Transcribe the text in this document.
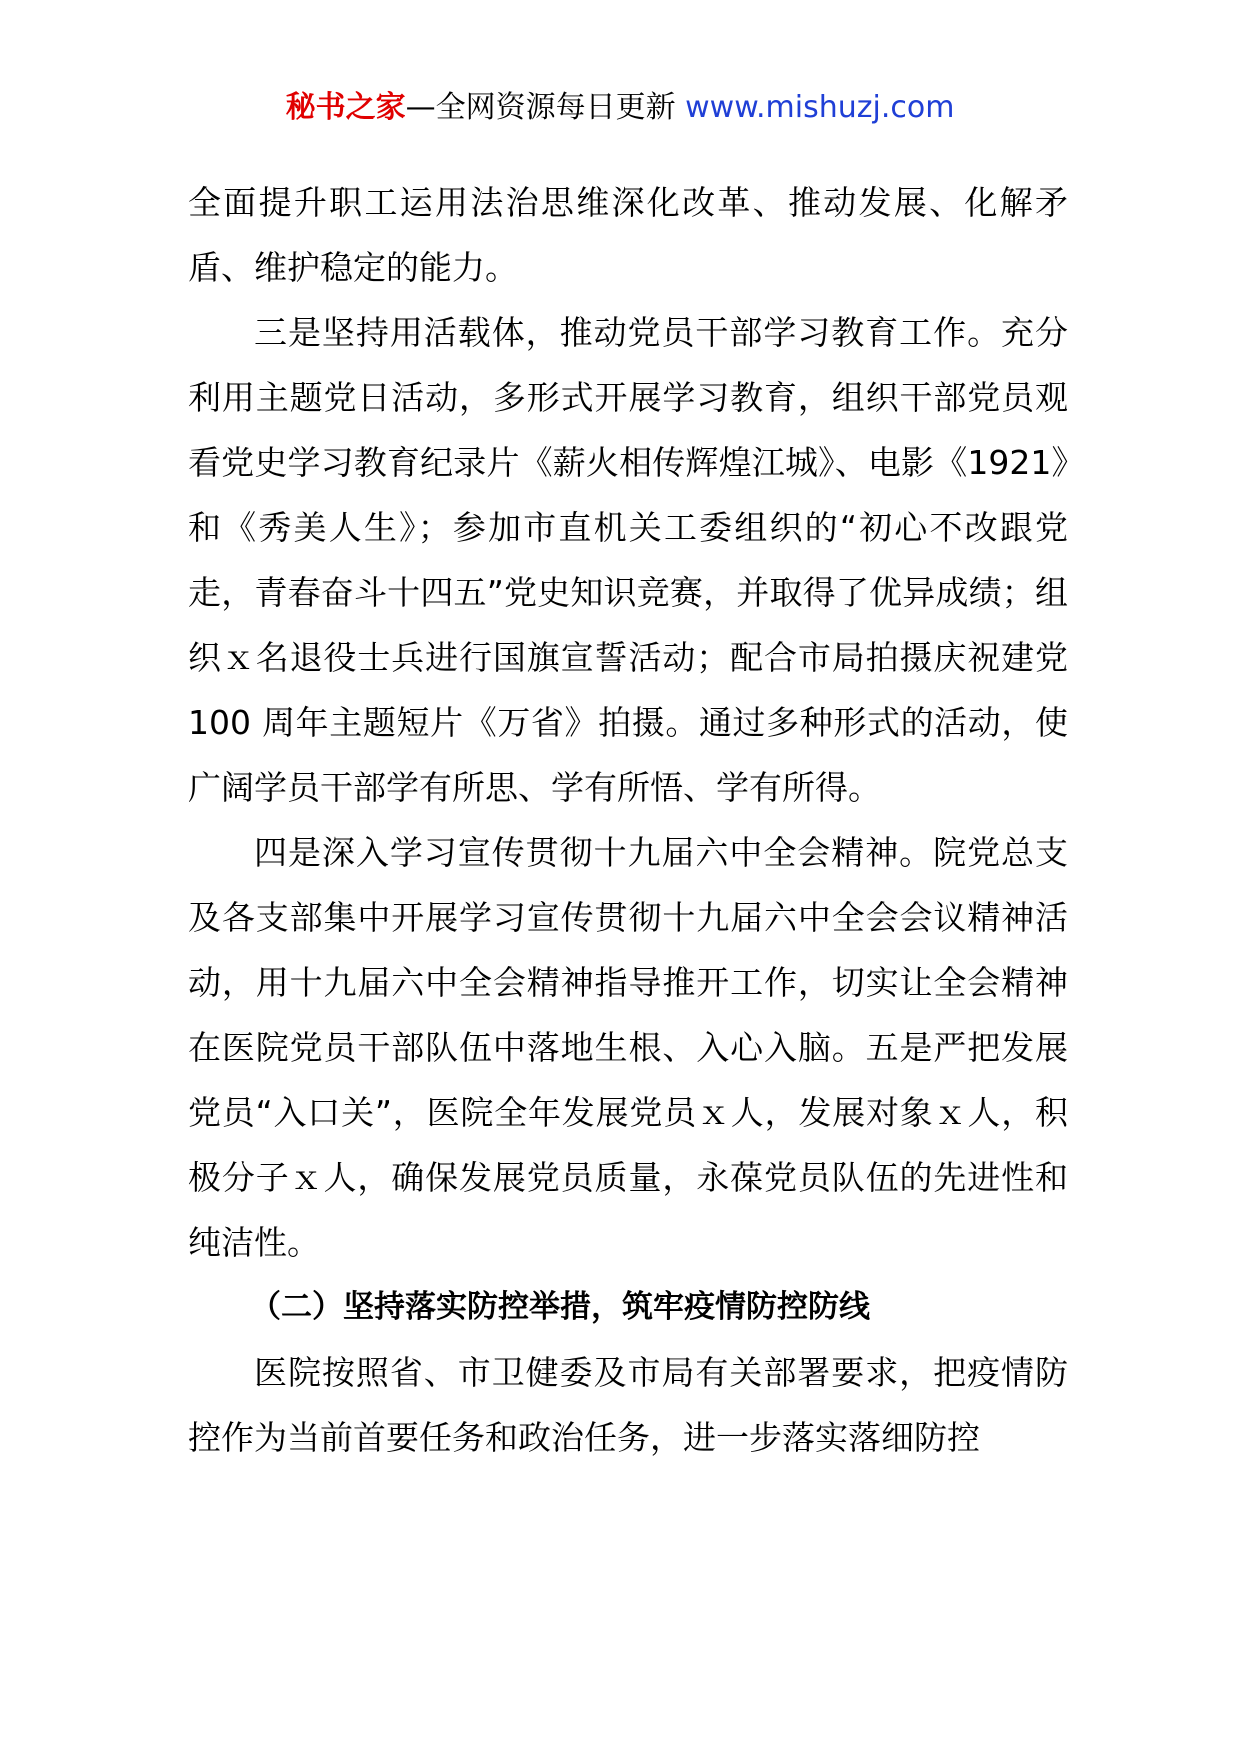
秘书之家—全网资源每日更新 www.mishuzj.com

全面提升职工运用法治思维深化改革、推动发展、化解矛盾、维护稳定的能力。

三是坚持用活载体，推动党员干部学习教育工作。充分利用主题党日活动，多形式开展学习教育，组织干部党员观看党史学习教育纪录片《薪火相传辉煌江城》、电影《1921》和《秀美人生》；参加市直机关工委组织的“初心不改跟党走，青春奋斗十四五”党史知识竞赛，并取得了优异成绩；组织ｘ名退役士兵进行国旗宣誓活动；配合市局拍摄庆祝建党 100 周年主题短片《万省》拍摄。通过多种形式的活动，使广阔学员干部学有所思、学有所悟、学有所得。

四是深入学习宣传贯彻十九届六中全会精神。院党总支及各支部集中开展学习宣传贯彻十九届六中全会会议精神活动，用十九届六中全会精神指导推开工作，切实让全会精神在医院党员干部队伍中落地生根、入心入脑。五是严把发展党员“入口关”，医院全年发展党员ｘ人，发展对象ｘ人，积极分子ｘ人，确保发展党员质量，永葆党员队伍的先进性和纯洁性。

（二）坚持落实防控举措，筑牢疫情防控防线

医院按照省、市卫健委及市局有关部署要求，把疫情防控作为当前首要任务和政治任务，进一步落实落细防控
